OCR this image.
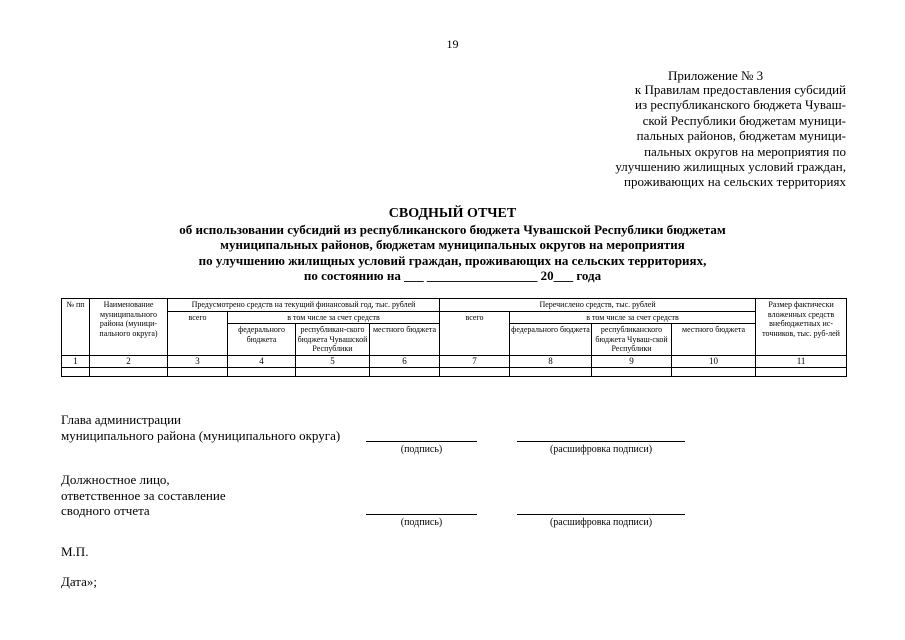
19
Приложение № 3
к Правилам предоставления субсидий
из республиканского бюджета Чуваш-
ской Республики бюджетам муници-
пальных районов, бюджетам муници-
пальных округов на мероприятия по
улучшению жилищных условий граждан,
проживающих на сельских территориях
СВОДНЫЙ ОТЧЕТ
об использовании субсидий из республиканского бюджета Чувашской Республики бюджетам
муниципальных районов, бюджетам муниципальных округов на мероприятия
по улучшению жилищных условий граждан, проживающих на сельских территориях,
по состоянию на ___ _________________ 20___ года
№ пп	Наименование муниципального района (муници-пального округа)	Предусмотрено средств на текущий финансовый год, тыс. рублей				Перечислено средств, тыс. рублей				Размер фактически вложенных средств внебюджетных ис-точников, тыс. руб-лей
		всего	в том числе за счет средств			всего	в том числе за счет средств			
			федерального бюджета	республикан-ского бюджета Чувашской Республики	местного бюджета		федерального бюджета	республиканского бюджета Чуваш-ской Республики	местного бюджета	
1	2	3	4	5	6	7	8	9	10	11

Глава администрации
муниципального района (муниципального округа)
(подпись)	(расшифровка подписи)
Должностное лицо,
ответственное за составление
сводного отчета
(подпись)	(расшифровка подписи)
М.П.
Дата»;
